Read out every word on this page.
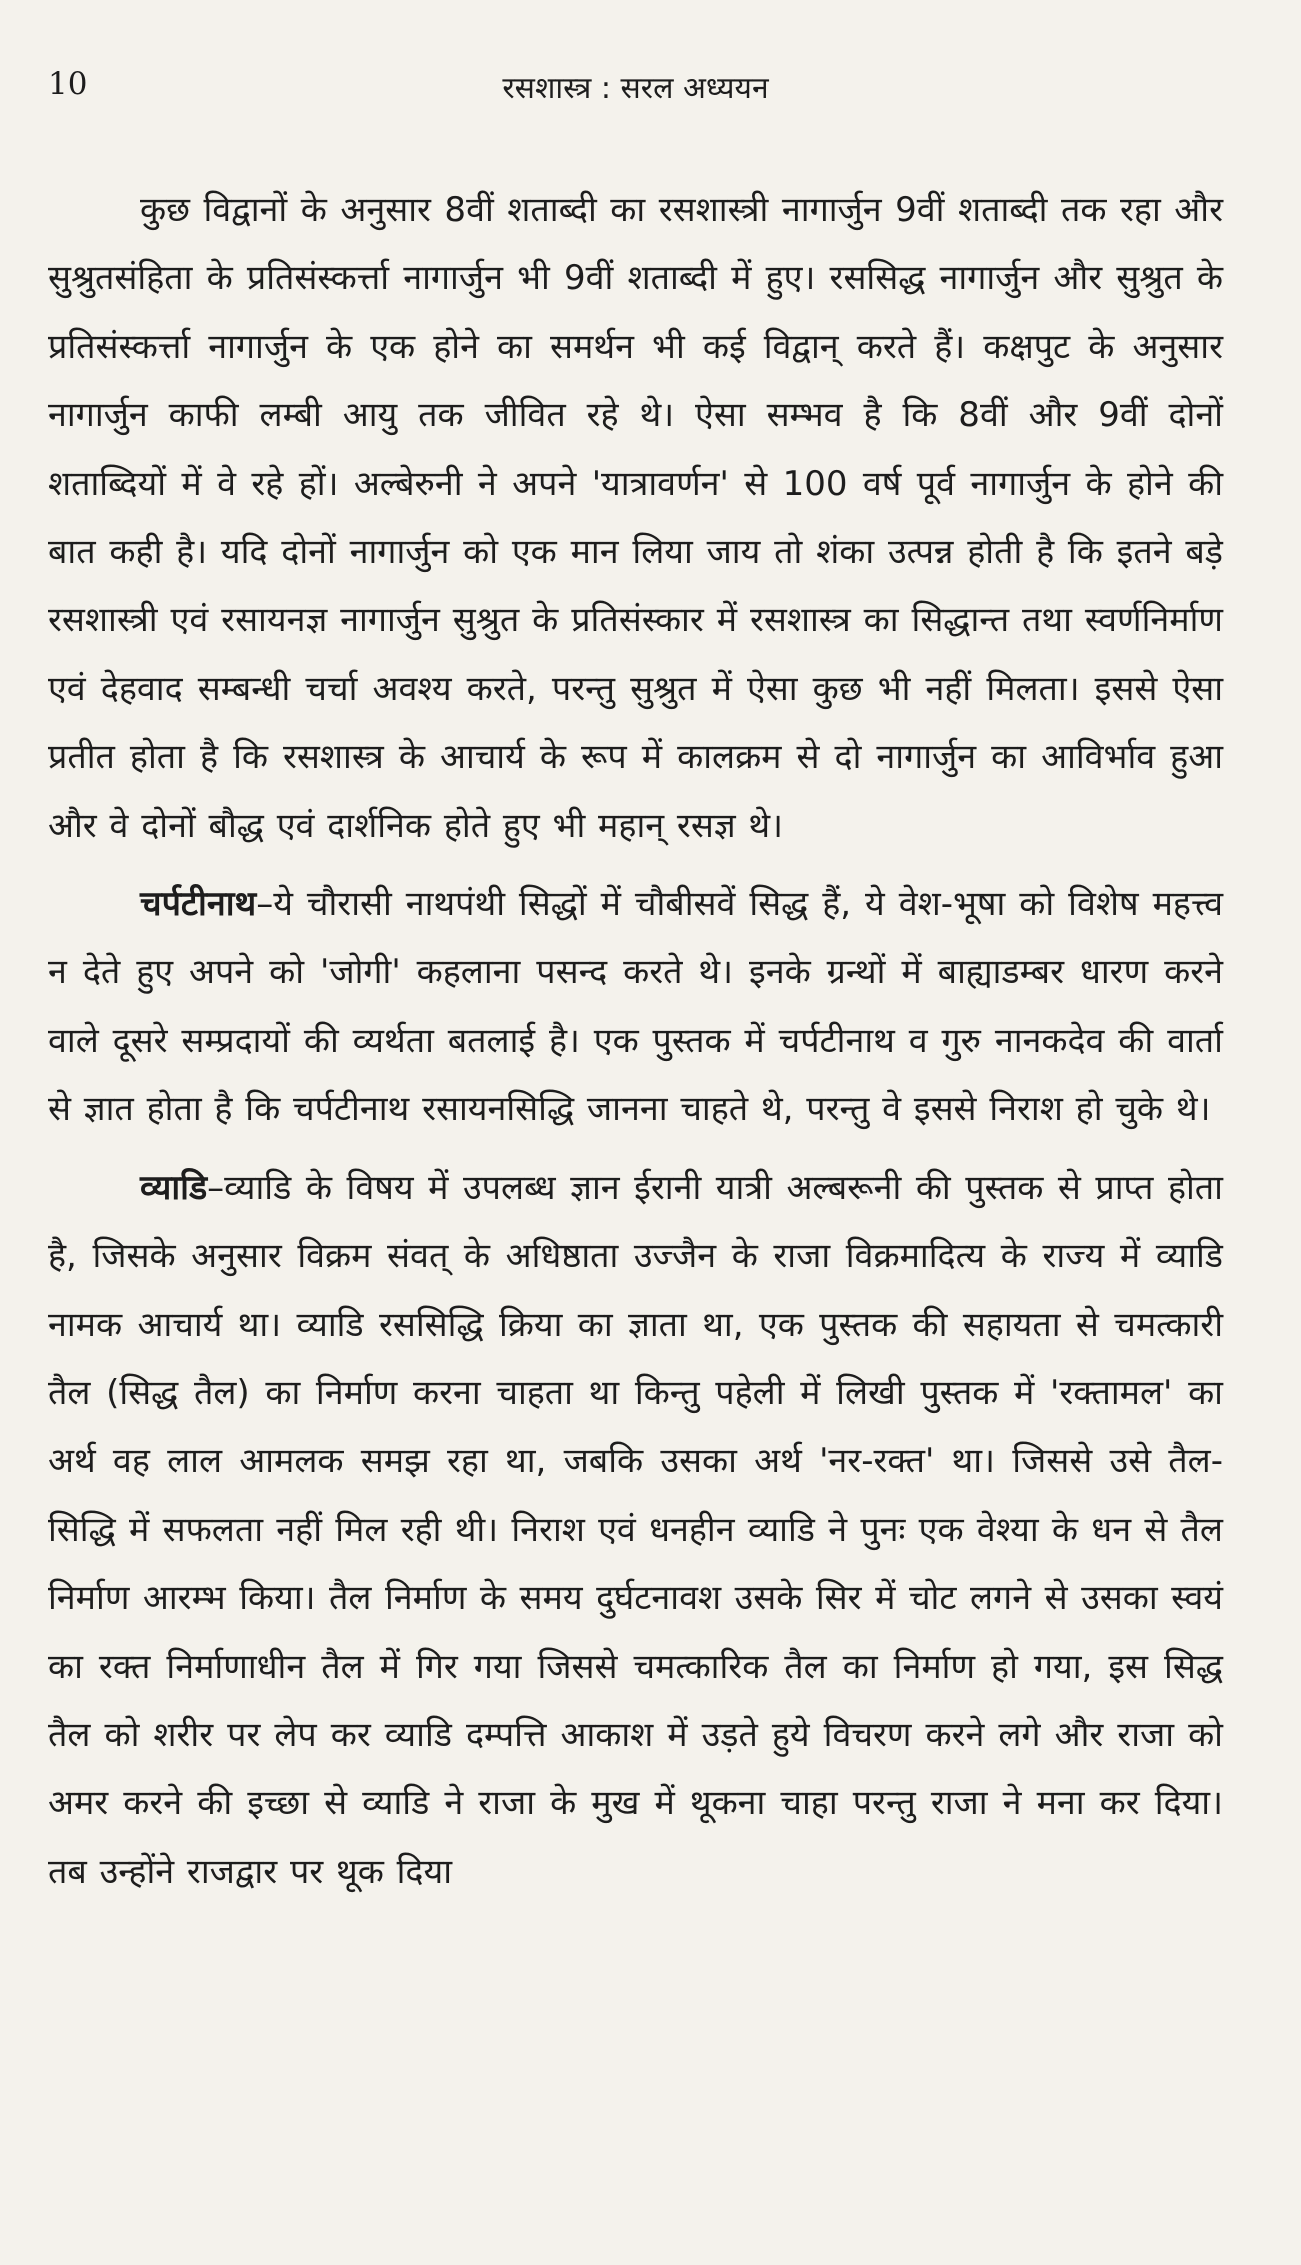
10	रसशास्त्र : सरल अध्ययन

कुछ विद्वानों के अनुसार 8वीं शताब्दी का रसशास्त्री नागार्जुन 9वीं शताब्दी तक रहा और सुश्रुतसंहिता के प्रतिसंस्कर्त्ता नागार्जुन भी 9वीं शताब्दी में हुए। रससिद्ध नागार्जुन और सुश्रुत के प्रतिसंस्कर्त्ता नागार्जुन के एक होने का समर्थन भी कई विद्वान् करते हैं। कक्षपुट के अनुसार नागार्जुन काफी लम्बी आयु तक जीवित रहे थे। ऐसा सम्भव है कि 8वीं और 9वीं दोनों शताब्दियों में वे रहे हों। अल्बेरुनी ने अपने 'यात्रावर्णन' से 100 वर्ष पूर्व नागार्जुन के होने की बात कही है। यदि दोनों नागार्जुन को एक मान लिया जाय तो शंका उत्पन्न होती है कि इतने बड़े रसशास्त्री एवं रसायनज्ञ नागार्जुन सुश्रुत के प्रतिसंस्कार में रसशास्त्र का सिद्धान्त तथा स्वर्णनिर्माण एवं देहवाद सम्बन्धी चर्चा अवश्य करते, परन्तु सुश्रुत में ऐसा कुछ भी नहीं मिलता। इससे ऐसा प्रतीत होता है कि रसशास्त्र के आचार्य के रूप में कालक्रम से दो नागार्जुन का आविर्भाव हुआ और वे दोनों बौद्ध एवं दार्शनिक होते हुए भी महान् रसज्ञ थे।

चर्पटीनाथ–ये चौरासी नाथपंथी सिद्धों में चौबीसवें सिद्ध हैं, ये वेश-भूषा को विशेष महत्त्व न देते हुए अपने को 'जोगी' कहलाना पसन्द करते थे। इनके ग्रन्थों में बाह्याडम्बर धारण करने वाले दूसरे सम्प्रदायों की व्यर्थता बतलाई है। एक पुस्तक में चर्पटीनाथ व गुरु नानकदेव की वार्ता से ज्ञात होता है कि चर्पटीनाथ रसायनसिद्धि जानना चाहते थे, परन्तु वे इससे निराश हो चुके थे।

व्याडि–व्याडि के विषय में उपलब्ध ज्ञान ईरानी यात्री अल्बरूनी की पुस्तक से प्राप्त होता है, जिसके अनुसार विक्रम संवत् के अधिष्ठाता उज्जैन के राजा विक्रमादित्य के राज्य में व्याडि नामक आचार्य था। व्याडि रससिद्धि क्रिया का ज्ञाता था, एक पुस्तक की सहायता से चमत्कारी तैल (सिद्ध तैल) का निर्माण करना चाहता था किन्तु पहेली में लिखी पुस्तक में 'रक्तामल' का अर्थ वह लाल आमलक समझ रहा था, जबकि उसका अर्थ 'नर-रक्त' था। जिससे उसे तैल-सिद्धि में सफलता नहीं मिल रही थी। निराश एवं धनहीन व्याडि ने पुनः एक वेश्या के धन से तैल निर्माण आरम्भ किया। तैल निर्माण के समय दुर्घटनावश उसके सिर में चोट लगने से उसका स्वयं का रक्त निर्माणाधीन तैल में गिर गया जिससे चमत्कारिक तैल का निर्माण हो गया, इस सिद्ध तैल को शरीर पर लेप कर व्याडि दम्पत्ति आकाश में उड़ते हुये विचरण करने लगे और राजा को अमर करने की इच्छा से व्याडि ने राजा के मुख में थूकना चाहा परन्तु राजा ने मना कर दिया। तब उन्होंने राजद्वार पर थूक दिया
